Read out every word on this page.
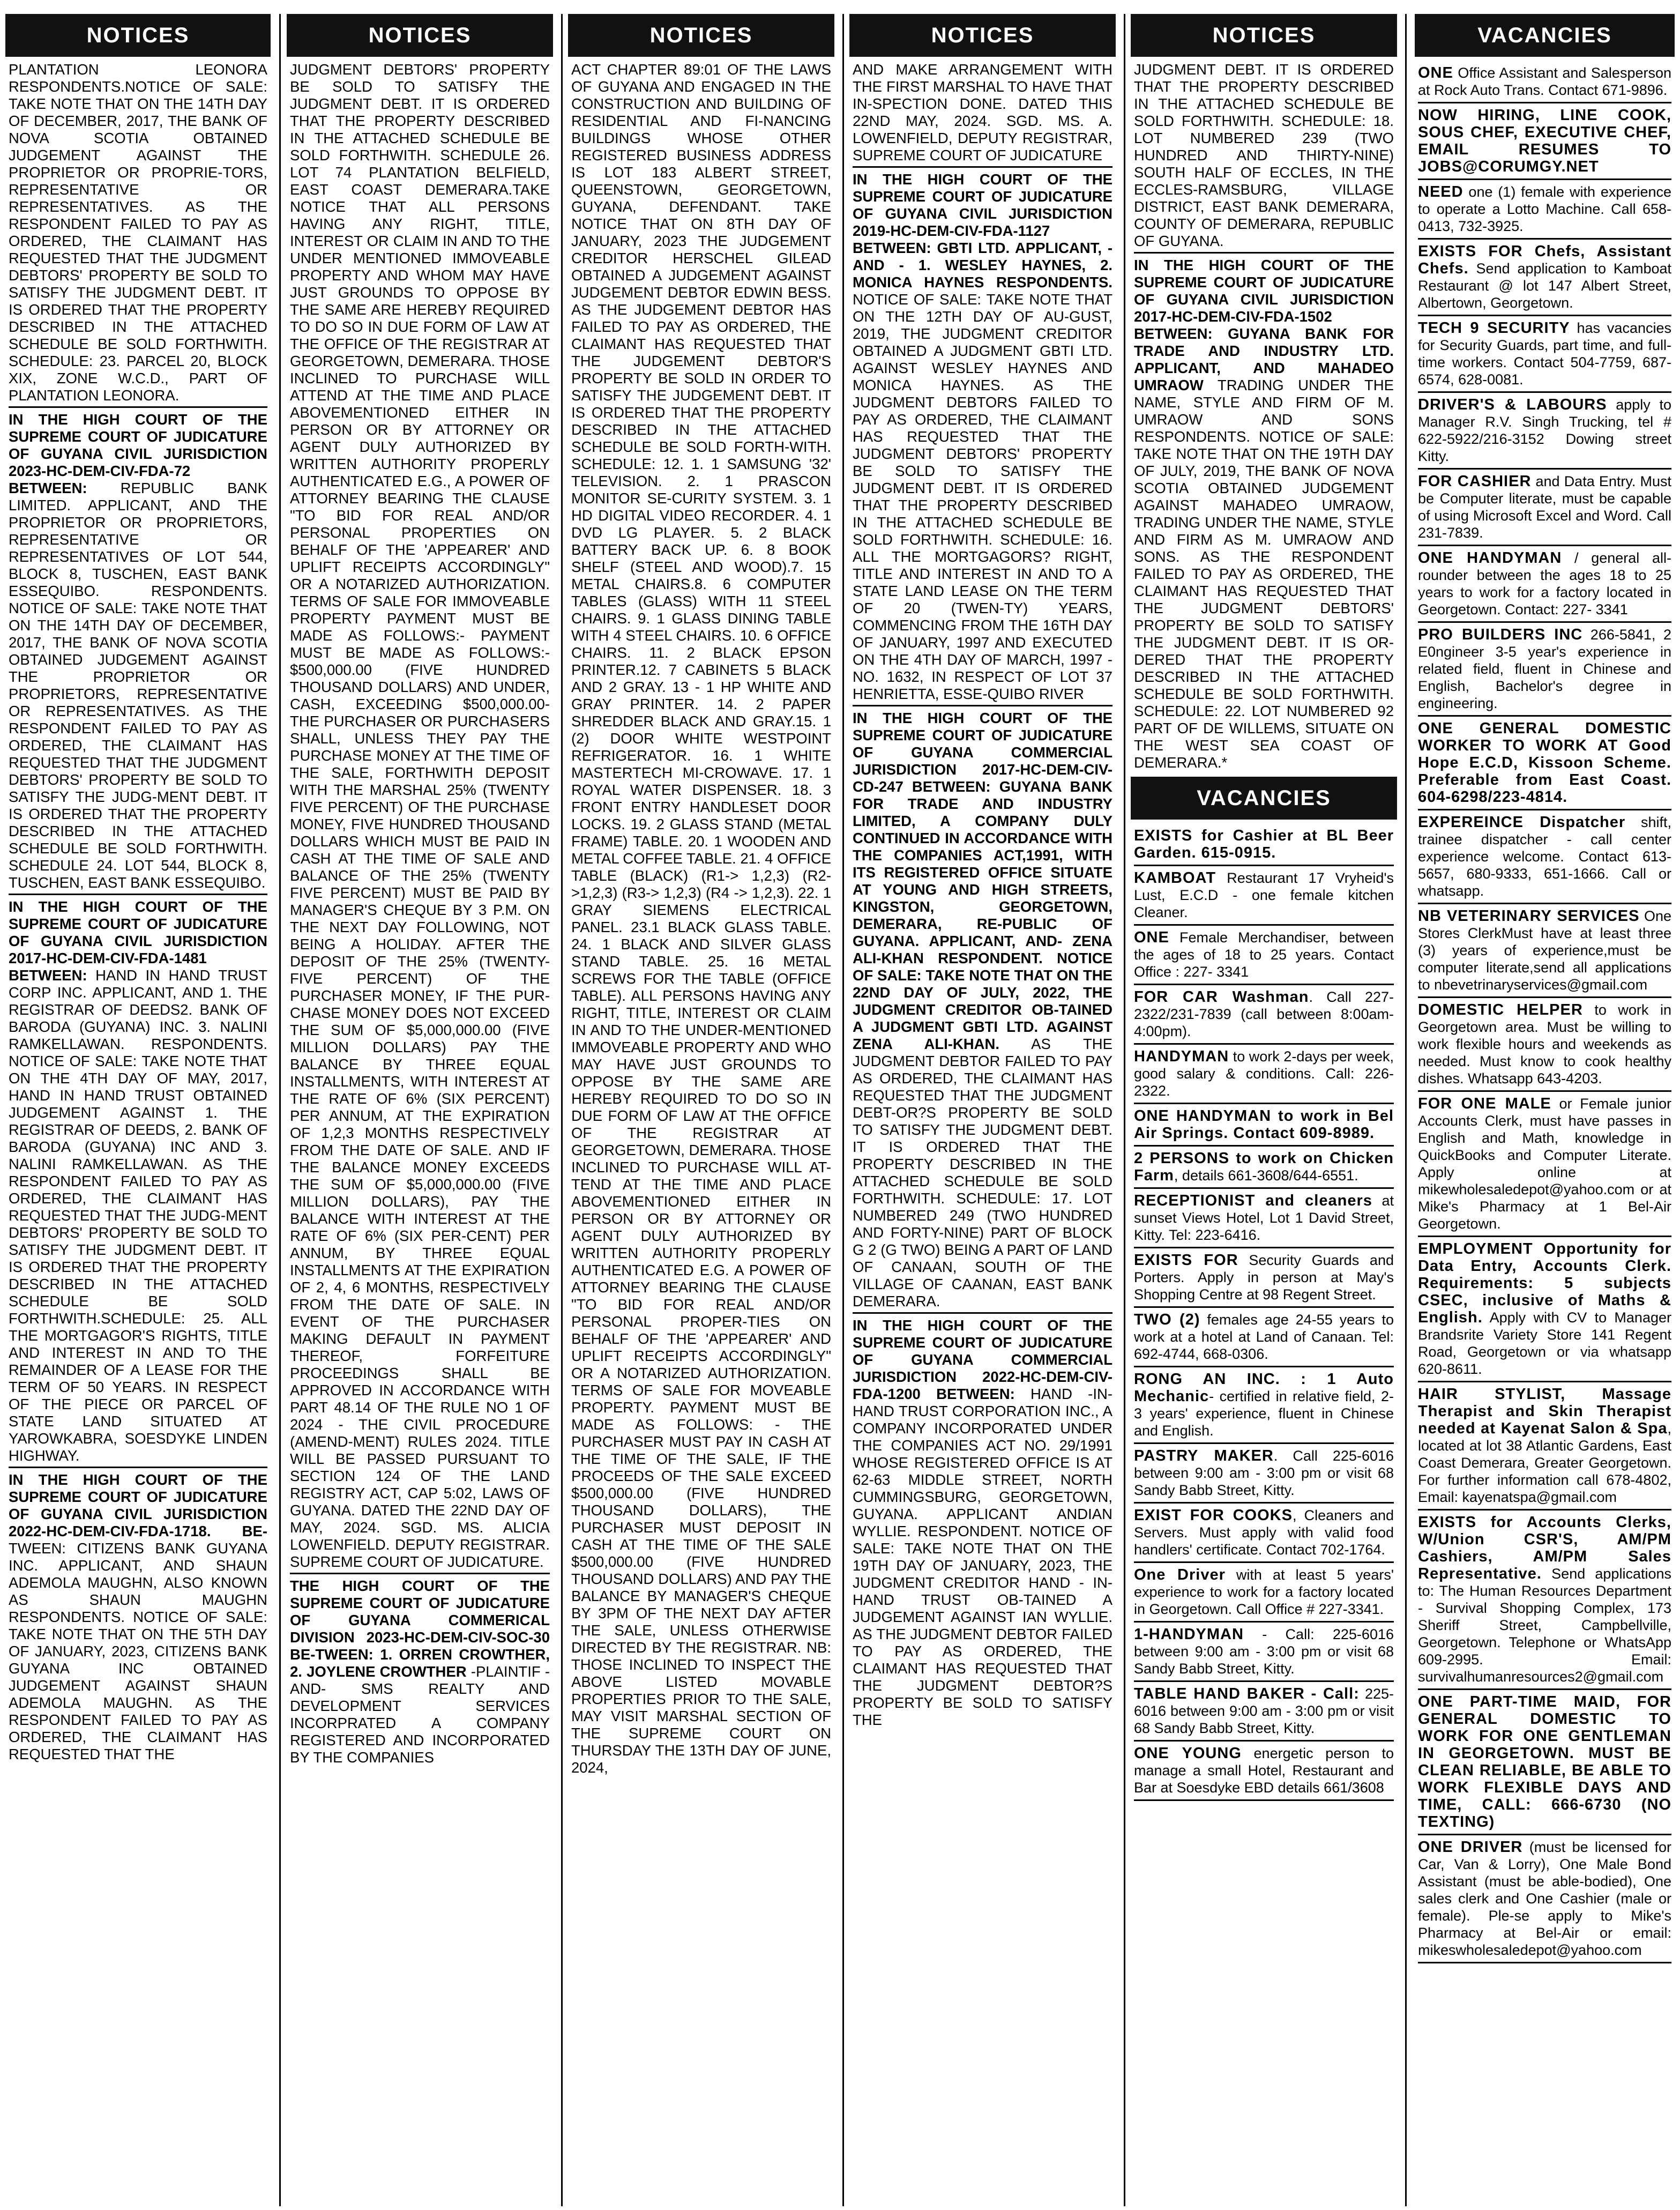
NOTICES
PLANTATION LEONORA RESPONDENTS.NOTICE OF SALE: TAKE NOTE THAT ON THE 14TH DAY OF DECEMBER, 2017, THE BANK OF NOVA SCOTIA OBTAINED JUDGEMENT AGAINST THE PROPRIETOR OR PROPRIE-TORS, REPRESENTATIVE OR REPRESENTATIVES. AS THE RESPONDENT FAILED TO PAY AS ORDERED, THE CLAIMANT HAS REQUESTED THAT THE JUDGMENT DEBTORS' PROPERTY BE SOLD TO SATISFY THE JUDGMENT DEBT. IT IS ORDERED THAT THE PROPERTY DESCRIBED IN THE ATTACHED SCHEDULE BE SOLD FORTHWITH. SCHEDULE: 23. PARCEL 20, BLOCK XIX, ZONE W.C.D., PART OF PLANTATION LEONORA.
IN THE HIGH COURT OF THE SUPREME COURT OF JUDICATURE OF GUYANA CIVIL JURISDICTION 2023-HC-DEM-CIV-FDA-72 BETWEEN: REPUBLIC BANK LIMITED. APPLICANT, AND THE PROPRIETOR OR PROPRIETORS, REPRESENTATIVE OR REPRESENTATIVES OF LOT 544, BLOCK 8, TUSCHEN, EAST BANK ESSEQUIBO. RESPONDENTS. NOTICE OF SALE: TAKE NOTE THAT ON THE 14TH DAY OF DECEMBER, 2017, THE BANK OF NOVA SCOTIA OBTAINED JUDGEMENT AGAINST THE PROPRIETOR OR PROPRIETORS, REPRESENTATIVE OR REPRESENTATIVES. AS THE RESPONDENT FAILED TO PAY AS ORDERED, THE CLAIMANT HAS REQUESTED THAT THE JUDGMENT DEBTORS' PROPERTY BE SOLD TO SATISFY THE JUDG-MENT DEBT. IT IS ORDERED THAT THE PROPERTY DESCRIBED IN THE ATTACHED SCHEDULE BE SOLD FORTHWITH. SCHEDULE 24. LOT 544, BLOCK 8, TUSCHEN, EAST BANK ESSEQUIBO.
IN THE HIGH COURT OF THE SUPREME COURT OF JUDICATURE OF GUYANA CIVIL JURISDICTION 2017-HC-DEM-CIV-FDA-1481 BETWEEN: HAND IN HAND TRUST CORP INC. APPLICANT, AND 1. THE REGISTRAR OF DEEDS2. BANK OF BARODA (GUYANA) INC. 3. NALINI RAMKELLAWAN. RESPONDENTS. NOTICE OF SALE: TAKE NOTE THAT ON THE 4TH DAY OF MAY, 2017, HAND IN HAND TRUST OBTAINED JUDGEMENT AGAINST 1. THE REGISTRAR OF DEEDS, 2. BANK OF BARODA (GUYANA) INC AND 3. NALINI RAMKELLAWAN. AS THE RESPONDENT FAILED TO PAY AS ORDERED, THE CLAIMANT HAS REQUESTED THAT THE JUDG-MENT DEBTORS' PROPERTY BE SOLD TO SATISFY THE JUDGMENT DEBT. IT IS ORDERED THAT THE PROPERTY DESCRIBED IN THE ATTACHED SCHEDULE BE SOLD FORTHWITH.SCHEDULE: 25. ALL THE MORTGAGOR'S RIGHTS, TITLE AND INTEREST IN AND TO THE REMAINDER OF A LEASE FOR THE TERM OF 50 YEARS. IN RESPECT OF THE PIECE OR PARCEL OF STATE LAND SITUATED AT YAROWKABRA, SOESDYKE LINDEN HIGHWAY.
IN THE HIGH COURT OF THE SUPREME COURT OF JUDICATURE OF GUYANA CIVIL JURISDICTION 2022-HC-DEM-CIV-FDA-1718. BE- TWEEN: CITIZENS BANK GUYANA INC. APPLICANT, AND SHAUN ADEMOLA MAUGHN, ALSO KNOWN AS SHAUN MAUGHN RESPONDENTS. NOTICE OF SALE: TAKE NOTE THAT ON THE 5TH DAY OF JANUARY, 2023, CITIZENS BANK GUYANA INC OBTAINED JUDGEMENT AGAINST SHAUN ADEMOLA MAUGHN. AS THE RESPONDENT FAILED TO PAY AS ORDERED, THE CLAIMANT HAS REQUESTED THAT THE
NOTICES
JUDGMENT DEBTORS' PROPERTY BE SOLD TO SATISFY THE JUDGMENT DEBT. IT IS ORDERED THAT THE PROPERTY DESCRIBED IN THE ATTACHED SCHEDULE BE SOLD FORTHWITH. SCHEDULE 26. LOT 74 PLANTATION BELFIELD, EAST COAST DEMERARA.TAKE NOTICE THAT ALL PERSONS HAVING ANY RIGHT, TITLE, INTEREST OR CLAIM IN AND TO THE UNDER MENTIONED IMMOVEABLE PROPERTY AND WHOM MAY HAVE JUST GROUNDS TO OPPOSE BY THE SAME ARE HEREBY REQUIRED TO DO SO IN DUE FORM OF LAW AT THE OFFICE OF THE REGISTRAR AT GEORGETOWN, DEMERARA. THOSE INCLINED TO PURCHASE WILL ATTEND AT THE TIME AND PLACE ABOVEMENTIONED EITHER IN PERSON OR BY ATTORNEY OR AGENT DULY AUTHORIZED BY WRITTEN AUTHORITY PROPERLY AUTHENTICATED E.G., A POWER OF ATTORNEY BEARING THE CLAUSE "TO BID FOR REAL AND/OR PERSONAL PROPERTIES ON BEHALF OF THE 'APPEARER' AND UPLIFT RECEIPTS ACCORDINGLY" OR A NOTARIZED AUTHORIZATION. TERMS OF SALE FOR IMMOVEABLE PROPERTY PAYMENT MUST BE MADE AS FOLLOWS:- PAYMENT MUST BE MADE AS FOLLOWS:- $500,000.00 (FIVE HUNDRED THOUSAND DOLLARS) AND UNDER, CASH, EXCEEDING $500,000.00- THE PURCHASER OR PURCHASERS SHALL, UNLESS THEY PAY THE PURCHASE MONEY AT THE TIME OF THE SALE, FORTHWITH DEPOSIT WITH THE MARSHAL 25% (TWENTY FIVE PERCENT) OF THE PURCHASE MONEY, FIVE HUNDRED THOUSAND DOLLARS WHICH MUST BE PAID IN CASH AT THE TIME OF SALE AND BALANCE OF THE 25% (TWENTY FIVE PERCENT) MUST BE PAID BY MANAGER'S CHEQUE BY 3 P.M. ON THE NEXT DAY FOLLOWING, NOT BEING A HOLIDAY. AFTER THE DEPOSIT OF THE 25% (TWENTY-FIVE PERCENT) OF THE PURCHASER MONEY, IF THE PUR-CHASE MONEY DOES NOT EXCEED THE SUM OF $5,000,000.00 (FIVE MILLION DOLLARS) PAY THE BALANCE BY THREE EQUAL INSTALLMENTS, WITH INTEREST AT THE RATE OF 6% (SIX PERCENT) PER ANNUM, AT THE EXPIRATION OF 1,2,3 MONTHS RESPECTIVELY FROM THE DATE OF SALE. AND IF THE BALANCE MONEY EXCEEDS THE SUM OF $5,000,000.00 (FIVE MILLION DOLLARS), PAY THE BALANCE WITH INTEREST AT THE RATE OF 6% (SIX PER-CENT) PER ANNUM, BY THREE EQUAL INSTALLMENTS AT THE EXPIRATION OF 2, 4, 6 MONTHS, RESPECTIVELY FROM THE DATE OF SALE. IN EVENT OF THE PURCHASER MAKING DEFAULT IN PAYMENT THEREOF, FORFEITURE PROCEEDINGS SHALL BE APPROVED IN ACCORDANCE WITH PART 48.14 OF THE RULE NO 1 OF 2024 - THE CIVIL PROCEDURE (AMEND-MENT) RULES 2024. TITLE WILL BE PASSED PURSUANT TO SECTION 124 OF THE LAND REGISTRY ACT, CAP 5:02, LAWS OF GUYANA. DATED THE 22ND DAY OF MAY, 2024. SGD. MS. ALICIA LOWENFIELD. DEPUTY REGISTRAR. SUPREME COURT OF JUDICATURE.
THE HIGH COURT OF THE SUPREME COURT OF JUDICATURE OF GUYANA COMMERICAL DIVISION 2023-HC-DEM-CIV-SOC-30 BE-TWEEN: 1. ORREN CROWTHER, 2. JOYLENE CROWTHER -PLAINTIF -AND- SMS REALTY AND DEVELOPMENT SERVICES INCORPRATED A COMPANY REGISTERED AND INCORPORATED BY THE COMPANIES
NOTICES
ACT CHAPTER 89:01 OF THE LAWS OF GUYANA AND ENGAGED IN THE CONSTRUCTION AND BUILDING OF RESIDENTIAL AND FI-NANCING BUILDINGS WHOSE OTHER REGISTERED BUSINESS ADDRESS IS LOT 183 ALBERT STREET, QUEENSTOWN, GEORGETOWN, GUYANA, DEFENDANT. TAKE NOTICE THAT ON 8TH DAY OF JANUARY, 2023 THE JUDGEMENT CREDITOR HERSCHEL GILEAD OBTAINED A JUDGEMENT AGAINST JUDGEMENT DEBTOR EDWIN BESS. AS THE JUDGEMENT DEBTOR HAS FAILED TO PAY AS ORDERED, THE CLAIMANT HAS REQUESTED THAT THE JUDGEMENT DEBTOR'S PROPERTY BE SOLD IN ORDER TO SATISFY THE JUDGEMENT DEBT. IT IS ORDERED THAT THE PROPERTY DESCRIBED IN THE ATTACHED SCHEDULE BE SOLD FORTH-WITH. SCHEDULE: 12. 1. 1 SAMSUNG '32' TELEVISION. 2. 1 PRASCON MONITOR SE-CURITY SYSTEM. 3. 1 HD DIGITAL VIDEO RECORDER. 4. 1 DVD LG PLAYER. 5. 2 BLACK BATTERY BACK UP. 6. 8 BOOK SHELF (STEEL AND WOOD).7. 15 METAL CHAIRS.8. 6 COMPUTER TABLES (GLASS) WITH 11 STEEL CHAIRS. 9. 1 GLASS DINING TABLE WITH 4 STEEL CHAIRS. 10. 6 OFFICE CHAIRS. 11. 2 BLACK EPSON PRINTER.12. 7 CABINETS 5 BLACK AND 2 GRAY. 13 - 1 HP WHITE AND GRAY PRINTER. 14. 2 PAPER SHREDDER BLACK AND GRAY.15. 1 (2) DOOR WHITE WESTPOINT REFRIGERATOR. 16. 1 WHITE MASTERTECH MI-CROWAVE. 17. 1 ROYAL WATER DISPENSER. 18. 3 FRONT ENTRY HANDLESET DOOR LOCKS. 19. 2 GLASS STAND (METAL FRAME) TABLE. 20. 1 WOODEN AND METAL COFFEE TABLE. 21. 4 OFFICE TABLE (BLACK) (R1-> 1,2,3) (R2->1,2,3) (R3-> 1,2,3) (R4 -> 1,2,3). 22. 1 GRAY SIEMENS ELECTRICAL PANEL. 23.1 BLACK GLASS TABLE. 24. 1 BLACK AND SILVER GLASS STAND TABLE. 25. 16 METAL SCREWS FOR THE TABLE (OFFICE TABLE). ALL PERSONS HAVING ANY RIGHT, TITLE, INTEREST OR CLAIM IN AND TO THE UNDER-MENTIONED IMMOVEABLE PROPERTY AND WHO MAY HAVE JUST GROUNDS TO OPPOSE BY THE SAME ARE HEREBY REQUIRED TO DO SO IN DUE FORM OF LAW AT THE OFFICE OF THE REGISTRAR AT GEORGETOWN, DEMERARA. THOSE INCLINED TO PURCHASE WILL AT-TEND AT THE TIME AND PLACE ABOVEMENTIONED EITHER IN PERSON OR BY ATTORNEY OR AGENT DULY AUTHORIZED BY WRITTEN AUTHORITY PROPERLY AUTHENTICATED E.G. A POWER OF ATTORNEY BEARING THE CLAUSE "TO BID FOR REAL AND/OR PERSONAL PROPER-TIES ON BEHALF OF THE 'APPEARER' AND UPLIFT RECEIPTS ACCORDINGLY" OR A NOTARIZED AUTHORIZATION. TERMS OF SALE FOR MOVEABLE PROPERTY. PAYMENT MUST BE MADE AS FOLLOWS: - THE PURCHASER MUST PAY IN CASH AT THE TIME OF THE SALE, IF THE PROCEEDS OF THE SALE EXCEED $500,000.00 (FIVE HUNDRED THOUSAND DOLLARS), THE PURCHASER MUST DEPOSIT IN CASH AT THE TIME OF THE SALE $500,000.00 (FIVE HUNDRED THOUSAND DOLLARS) AND PAY THE BALANCE BY MANAGER'S CHEQUE BY 3PM OF THE NEXT DAY AFTER THE SALE, UNLESS OTHERWISE DIRECTED BY THE REGISTRAR. NB: THOSE INCLINED TO INSPECT THE ABOVE LISTED MOVABLE PROPERTIES PRIOR TO THE SALE, MAY VISIT MARSHAL SECTION OF THE SUPREME COURT ON THURSDAY THE 13TH DAY OF JUNE, 2024,
NOTICES
AND MAKE ARRANGEMENT WITH THE FIRST MARSHAL TO HAVE THAT IN-SPECTION DONE. DATED THIS 22ND MAY, 2024. SGD. MS. A. LOWENFIELD, DEPUTY REGISTRAR, SUPREME COURT OF JUDICATURE
IN THE HIGH COURT OF THE SUPREME COURT OF JUDICATURE OF GUYANA CIVIL JURISDICTION 2019-HC-DEM-CIV-FDA-1127 BETWEEN: GBTI LTD. APPLICANT, -AND - 1. WESLEY HAYNES, 2. MONICA HAYNES RESPONDENTS. NOTICE OF SALE: TAKE NOTE THAT ON THE 12TH DAY OF AU-GUST, 2019, THE JUDGMENT CREDITOR OBTAINED A JUDGMENT GBTI LTD. AGAINST WESLEY HAYNES AND MONICA HAYNES. AS THE JUDGMENT DEBTORS FAILED TO PAY AS ORDERED, THE CLAIMANT HAS REQUESTED THAT THE JUDGMENT DEBTORS' PROPERTY BE SOLD TO SATISFY THE JUDGMENT DEBT. IT IS ORDERED THAT THE PROPERTY DESCRIBED IN THE ATTACHED SCHEDULE BE SOLD FORTHWITH. SCHEDULE: 16. ALL THE MORTGAGORS? RIGHT, TITLE AND INTEREST IN AND TO A STATE LAND LEASE ON THE TERM OF 20 (TWEN-TY) YEARS, COMMENCING FROM THE 16TH DAY OF JANUARY, 1997 AND EXECUTED ON THE 4TH DAY OF MARCH, 1997 - NO. 1632, IN RESPECT OF LOT 37 HENRIETTA, ESSE-QUIBO RIVER
IN THE HIGH COURT OF THE SUPREME COURT OF JUDICATURE OF GUYANA COMMERCIAL JURISDICTION 2017-HC-DEM-CIV-CD-247 BETWEEN: GUYANA BANK FOR TRADE AND INDUSTRY LIMITED, A COMPANY DULY CONTINUED IN ACCORDANCE WITH THE COMPANIES ACT,1991, WITH ITS REGISTERED OFFICE SITUATE AT YOUNG AND HIGH STREETS, KINGSTON, GEORGETOWN, DEMERARA, RE-PUBLIC OF GUYANA. APPLICANT, AND- ZENA ALI-KHAN RESPONDENT. NOTICE OF SALE: TAKE NOTE THAT ON THE 22ND DAY OF JULY, 2022, THE JUDGMENT CREDITOR OB-TAINED A JUDGMENT GBTI LTD. AGAINST ZENA ALI-KHAN. AS THE JUDGMENT DEBTOR FAILED TO PAY AS ORDERED, THE CLAIMANT HAS REQUESTED THAT THE JUDGMENT DEBT-OR?S PROPERTY BE SOLD TO SATISFY THE JUDGMENT DEBT. IT IS ORDERED THAT THE PROPERTY DESCRIBED IN THE ATTACHED SCHEDULE BE SOLD FORTHWITH. SCHEDULE: 17. LOT NUMBERED 249 (TWO HUNDRED AND FORTY-NINE) PART OF BLOCK G 2 (G TWO) BEING A PART OF LAND OF CANAAN, SOUTH OF THE VILLAGE OF CAANAN, EAST BANK DEMERARA.
IN THE HIGH COURT OF THE SUPREME COURT OF JUDICATURE OF GUYANA COMMERCIAL JURISDICTION 2022-HC-DEM-CIV-FDA-1200 BETWEEN: HAND -IN-HAND TRUST CORPORATION INC., A COMPANY INCORPORATED UNDER THE COMPANIES ACT NO. 29/1991 WHOSE REGISTERED OFFICE IS AT 62-63 MIDDLE STREET, NORTH CUMMINGSBURG, GEORGETOWN, GUYANA. APPLICANT ANDIAN WYLLIE. RESPONDENT. NOTICE OF SALE: TAKE NOTE THAT ON THE 19TH DAY OF JANUARY, 2023, THE JUDGMENT CREDITOR HAND - IN- HAND TRUST OB-TAINED A JUDGEMENT AGAINST IAN WYLLIE. AS THE JUDGMENT DEBTOR FAILED TO PAY AS ORDERED, THE CLAIMANT HAS REQUESTED THAT THE JUDGMENT DEBTOR?S PROPERTY BE SOLD TO SATISFY THE
NOTICES
JUDGMENT DEBT. IT IS ORDERED THAT THE PROPERTY DESCRIBED IN THE ATTACHED SCHEDULE BE SOLD FORTHWITH. SCHEDULE: 18. LOT NUMBERED 239 (TWO HUNDRED AND THIRTY-NINE) SOUTH HALF OF ECCLES, IN THE ECCLES-RAMSBURG, VILLAGE DISTRICT, EAST BANK DEMERARA, COUNTY OF DEMERARA, REPUBLIC OF GUYANA.
IN THE HIGH COURT OF THE SUPREME COURT OF JUDICATURE OF GUYANA CIVIL JURISDICTION 2017-HC-DEM-CIV-FDA-1502 BETWEEN: GUYANA BANK FOR TRADE AND INDUSTRY LTD. APPLICANT, AND MAHADEO UMRAOW TRADING UNDER THE NAME, STYLE AND FIRM OF M. UMRAOW AND SONS RESPONDENTS. NOTICE OF SALE: TAKE NOTE THAT ON THE 19TH DAY OF JULY, 2019, THE BANK OF NOVA SCOTIA OBTAINED JUDGEMENT AGAINST MAHADEO UMRAOW, TRADING UNDER THE NAME, STYLE AND FIRM AS M. UMRAOW AND SONS. AS THE RESPONDENT FAILED TO PAY AS ORDERED, THE CLAIMANT HAS REQUESTED THAT THE JUDGMENT DEBTORS' PROPERTY BE SOLD TO SATISFY THE JUDGMENT DEBT. IT IS OR-DERED THAT THE PROPERTY DESCRIBED IN THE ATTACHED SCHEDULE BE SOLD FORTHWITH. SCHEDULE: 22. LOT NUMBERED 92 PART OF DE WILLEMS, SITUATE ON THE WEST SEA COAST OF DEMERARA.*
VACANCIES
EXISTS for Cashier at BL Beer Garden. 615-0915.
KAMBOAT Restaurant 17 Vryheid's Lust, E.C.D - one female kitchen Cleaner.
ONE Female Merchandiser, between the ages of 18 to 25 years. Contact Office : 227- 3341
FOR CAR Washman. Call 227-2322/231-7839 (call between 8:00am-4:00pm).
HANDYMAN to work 2-days per week, good salary & conditions. Call: 226-2322.
ONE HANDYMAN to work in Bel Air Springs. Contact 609-8989.
2 PERSONS to work on Chicken Farm, details 661-3608/644-6551.
RECEPTIONIST and cleaners at sunset Views Hotel, Lot 1 David Street, Kitty. Tel: 223-6416.
EXISTS FOR Security Guards and Porters. Apply in person at May's Shopping Centre at 98 Regent Street.
TWO (2) females age 24-55 years to work at a hotel at Land of Canaan. Tel: 692-4744, 668-0306.
RONG AN INC. : 1 Auto Mechanic- certified in relative field, 2-3 years' experience, fluent in Chinese and English.
PASTRY MAKER. Call 225-6016 between 9:00 am - 3:00 pm or visit 68 Sandy Babb Street, Kitty.
EXIST FOR COOKS, Cleaners and Servers. Must apply with valid food handlers' certificate. Contact 702-1764.
One Driver with at least 5 years' experience to work for a factory located in Georgetown. Call Office # 227-3341.
1-HANDYMAN - Call: 225-6016 between 9:00 am - 3:00 pm or visit 68 Sandy Babb Street, Kitty.
TABLE HAND BAKER - Call: 225-6016 between 9:00 am - 3:00 pm or visit 68 Sandy Babb Street, Kitty.
ONE YOUNG energetic person to manage a small Hotel, Restaurant and Bar at Soesdyke EBD details 661/3608
VACANCIES
ONE Office Assistant and Salesperson at Rock Auto Trans. Contact 671-9896.
NOW HIRING, LINE COOK, SOUS CHEF, EXECUTIVE CHEF, EMAIL RESUMES TO JOBS@CORUMGY.NET
NEED one (1) female with experience to operate a Lotto Machine. Call 658-0413, 732-3925.
EXISTS FOR Chefs, Assistant Chefs. Send application to Kamboat Restaurant @ lot 147 Albert Street, Albertown, Georgetown.
TECH 9 SECURITY has vacancies for Security Guards, part time, and full-time workers. Contact 504-7759, 687-6574, 628-0081.
DRIVER'S & LABOURS apply to Manager R.V. Singh Trucking, tel # 622-5922/216-3152 Dowing street Kitty.
FOR CASHIER and Data Entry. Must be Computer literate, must be capable of using Microsoft Excel and Word. Call 231-7839.
ONE HANDYMAN / general all-rounder between the ages 18 to 25 years to work for a factory located in Georgetown. Contact: 227- 3341
PRO BUILDERS INC 266-5841, 2 E0ngineer 3-5 year's experience in related field, fluent in Chinese and English, Bachelor's degree in engineering.
ONE GENERAL DOMESTIC WORKER TO WORK AT Good Hope E.C.D, Kissoon Scheme. Preferable from East Coast. 604-6298/223-4814.
EXPEREINCE Dispatcher shift, trainee dispatcher - call center experience welcome. Contact 613-5657, 680-9333, 651-1666. Call or whatsapp.
NB VETERINARY SERVICES One Stores ClerkMust have at least three (3) years of experience,must be computer literate,send all applications to nbevetrinaryservices@gmail.com
DOMESTIC HELPER to work in Georgetown area. Must be willing to work flexible hours and weekends as needed. Must know to cook healthy dishes. Whatsapp 643-4203.
FOR ONE MALE or Female junior Accounts Clerk, must have passes in English and Math, knowledge in QuickBooks and Computer Literate. Apply online at mikewholesaledepot@yahoo.com or at Mike's Pharmacy at 1 Bel-Air Georgetown.
EMPLOYMENT Opportunity for Data Entry, Accounts Clerk. Requirements: 5 subjects CSEC, inclusive of Maths & English. Apply with CV to Manager Brandsrite Variety Store 141 Regent Road, Georgetown or via whatsapp 620-8611.
HAIR STYLIST, Massage Therapist and Skin Therapist needed at Kayenat Salon & Spa, located at lot 38 Atlantic Gardens, East Coast Demerara, Greater Georgetown. For further information call 678-4802, Email: kayenatspa@gmail.com
EXISTS for Accounts Clerks, W/Union CSR'S, AM/PM Cashiers, AM/PM Sales Representative. Send applications to: The Human Resources Department - Survival Shopping Complex, 173 Sheriff Street, Campbellville, Georgetown. Telephone or WhatsApp 609-2995. Email: survivalhumanresources2@gmail.com
ONE PART-TIME MAID, FOR GENERAL DOMESTIC TO WORK FOR ONE GENTLEMAN IN GEORGETOWN. MUST BE CLEAN RELIABLE, BE ABLE TO WORK FLEXIBLE DAYS AND TIME, CALL: 666-6730 (NO TEXTING)
ONE DRIVER (must be licensed for Car, Van & Lorry), One Male Bond Assistant (must be able-bodied), One sales clerk and One Cashier (male or female). Ple-se apply to Mike's Pharmacy at Bel-Air or email: mikeswholesaledepot@yahoo.com
